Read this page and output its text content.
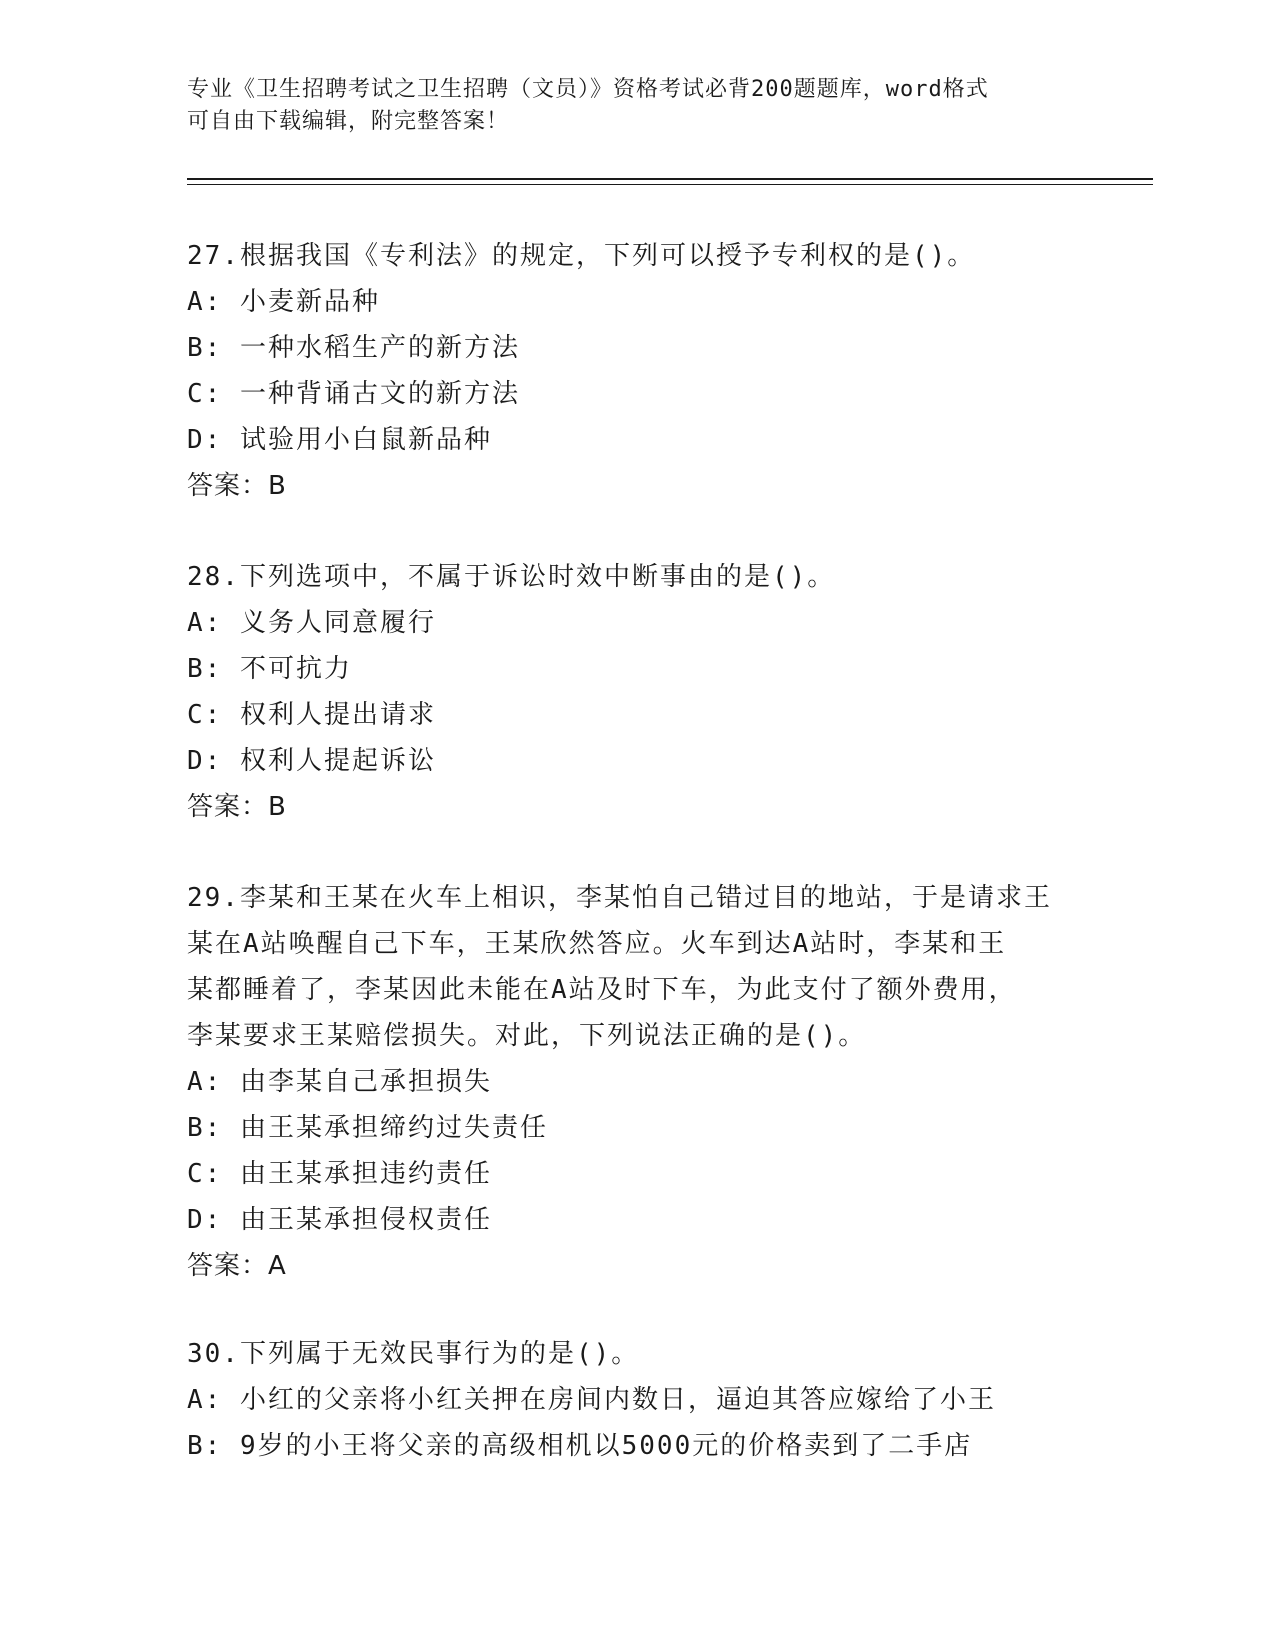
专业《卫生招聘考试之卫生招聘（文员）》资格考试必背200题题库，word格式
可自由下载编辑，附完整答案！
27.根据我国《专利法》的规定，下列可以授予专利权的是()。
A: 小麦新品种
B: 一种水稻生产的新方法
C: 一种背诵古文的新方法
D: 试验用小白鼠新品种
答案：B
28.下列选项中，不属于诉讼时效中断事由的是()。
A: 义务人同意履行
B: 不可抗力
C: 权利人提出请求
D: 权利人提起诉讼
答案：B
29.李某和王某在火车上相识，李某怕自己错过目的地站，于是请求王
某在A站唤醒自己下车，王某欣然答应。火车到达A站时，李某和王
某都睡着了，李某因此未能在A站及时下车，为此支付了额外费用，
李某要求王某赔偿损失。对此，下列说法正确的是()。
A: 由李某自己承担损失
B: 由王某承担缔约过失责任
C: 由王某承担违约责任
D: 由王某承担侵权责任
答案：A
30.下列属于无效民事行为的是()。
A: 小红的父亲将小红关押在房间内数日，逼迫其答应嫁给了小王
B: 9岁的小王将父亲的高级相机以5000元的价格卖到了二手店
